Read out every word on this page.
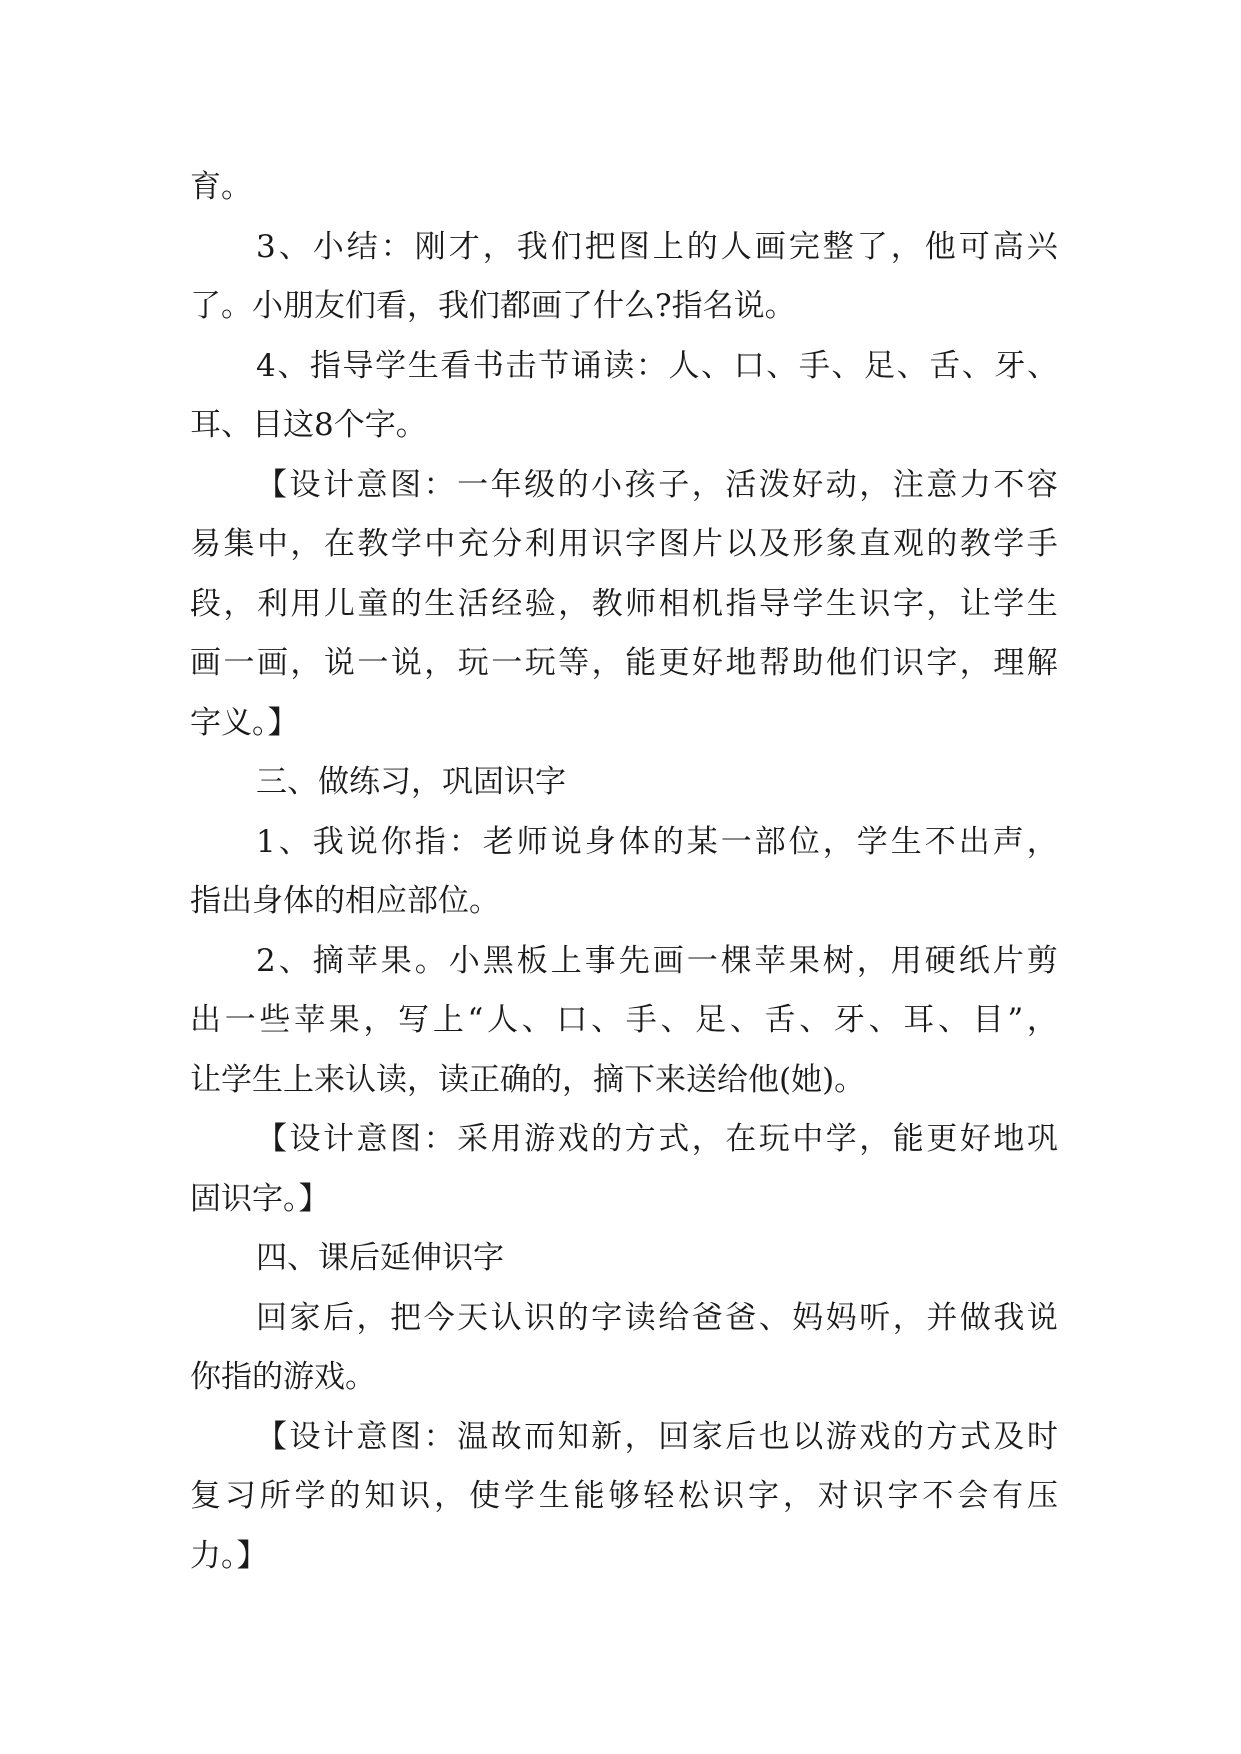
育。
3 、 小 结 ： 刚 才 ， 我 们 把 图 上 的 人 画 完 整 了 ， 他 可 高 兴
了。小朋友们看，我们都画了什么?指名说。
4 、 指 导 学 生 看 书 击 节 诵 读 ： 人 、 口 、 手 、 足 、 舌 、 牙 、
耳、目这8个字。
【 设 计 意 图 ： 一 年 级 的 小 孩 子 ， 活 泼 好 动 ， 注 意 力 不 容
易 集 中 ， 在 教 学 中 充 分 利 用 识 字 图 片 以 及 形 象 直 观 的 教 学 手
段 ， 利 用 儿 童 的 生 活 经 验 ， 教 师 相 机 指 导 学 生 识 字 ， 让 学 生
画 一 画 ， 说 一 说 ， 玩 一 玩 等 ， 能 更 好 地 帮 助 他 们 识 字 ， 理 解
字义。】
三、做练习，巩固识字
1 、 我 说 你 指 ： 老 师 说 身 体 的 某 一 部 位 ， 学 生 不 出 声 ，
指出身体的相应部位。
2 、 摘 苹 果 。 小 黑 板 上 事 先 画 一 棵 苹 果 树 ， 用 硬 纸 片 剪
出 一 些 苹 果 ， 写 上 “ 人 、 口 、 手 、 足 、 舌 、 牙 、 耳 、 目 ” ，
让学生上来认读，读正确的，摘下来送给他(她)。
【 设 计 意 图 ： 采 用 游 戏 的 方 式 ， 在 玩 中 学 ， 能 更 好 地 巩
固识字。】
四、课后延伸识字
回 家 后 ， 把 今 天 认 识 的 字 读 给 爸 爸 、 妈 妈 听 ， 并 做 我 说
你指的游戏。
【 设 计 意 图 ： 温 故 而 知 新 ， 回 家 后 也 以 游 戏 的 方 式 及 时
复 习 所 学 的 知 识 ， 使 学 生 能 够 轻 松 识 字 ， 对 识 字 不 会 有 压
力。】
